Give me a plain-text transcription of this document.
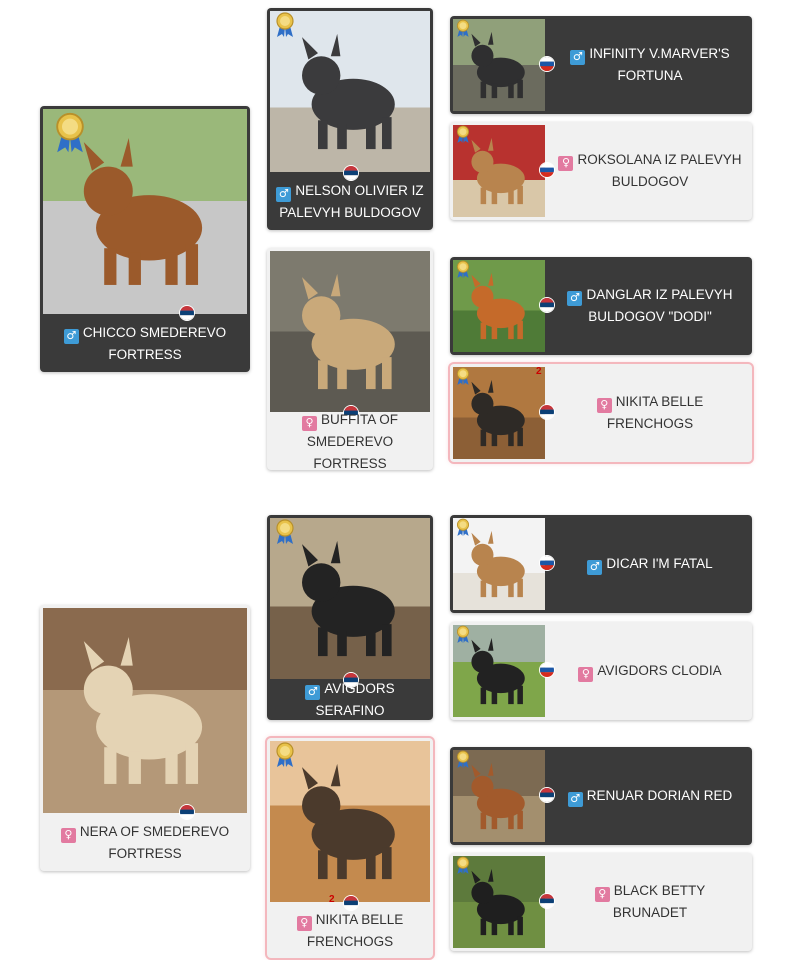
♂ CHICCO SMEDEREVO FORTRESS
♂ NELSON OLIVIER IZ PALEVYH BULDOGOV
♀ BUFFITA OF SMEDEREVO FORTRESS
♂ INFINITY V.MARVER'S FORTUNA
♀ ROKSOLANA IZ PALEVYH BULDOGOV
♂ DANGLAR IZ PALEVYH BULDOGOV "DODI"
2
♀ NIKITA BELLE FRENCHOGS
♀ NERA OF SMEDEREVO FORTRESS
♂ AVIGDORS SERAFINO
2
♀ NIKITA BELLE FRENCHOGS
♂ DICAR I'M FATAL
♀ AVIGDORS CLODIA
♂ RENUAR DORIAN RED
♀ BLACK BETTY BRUNADET
